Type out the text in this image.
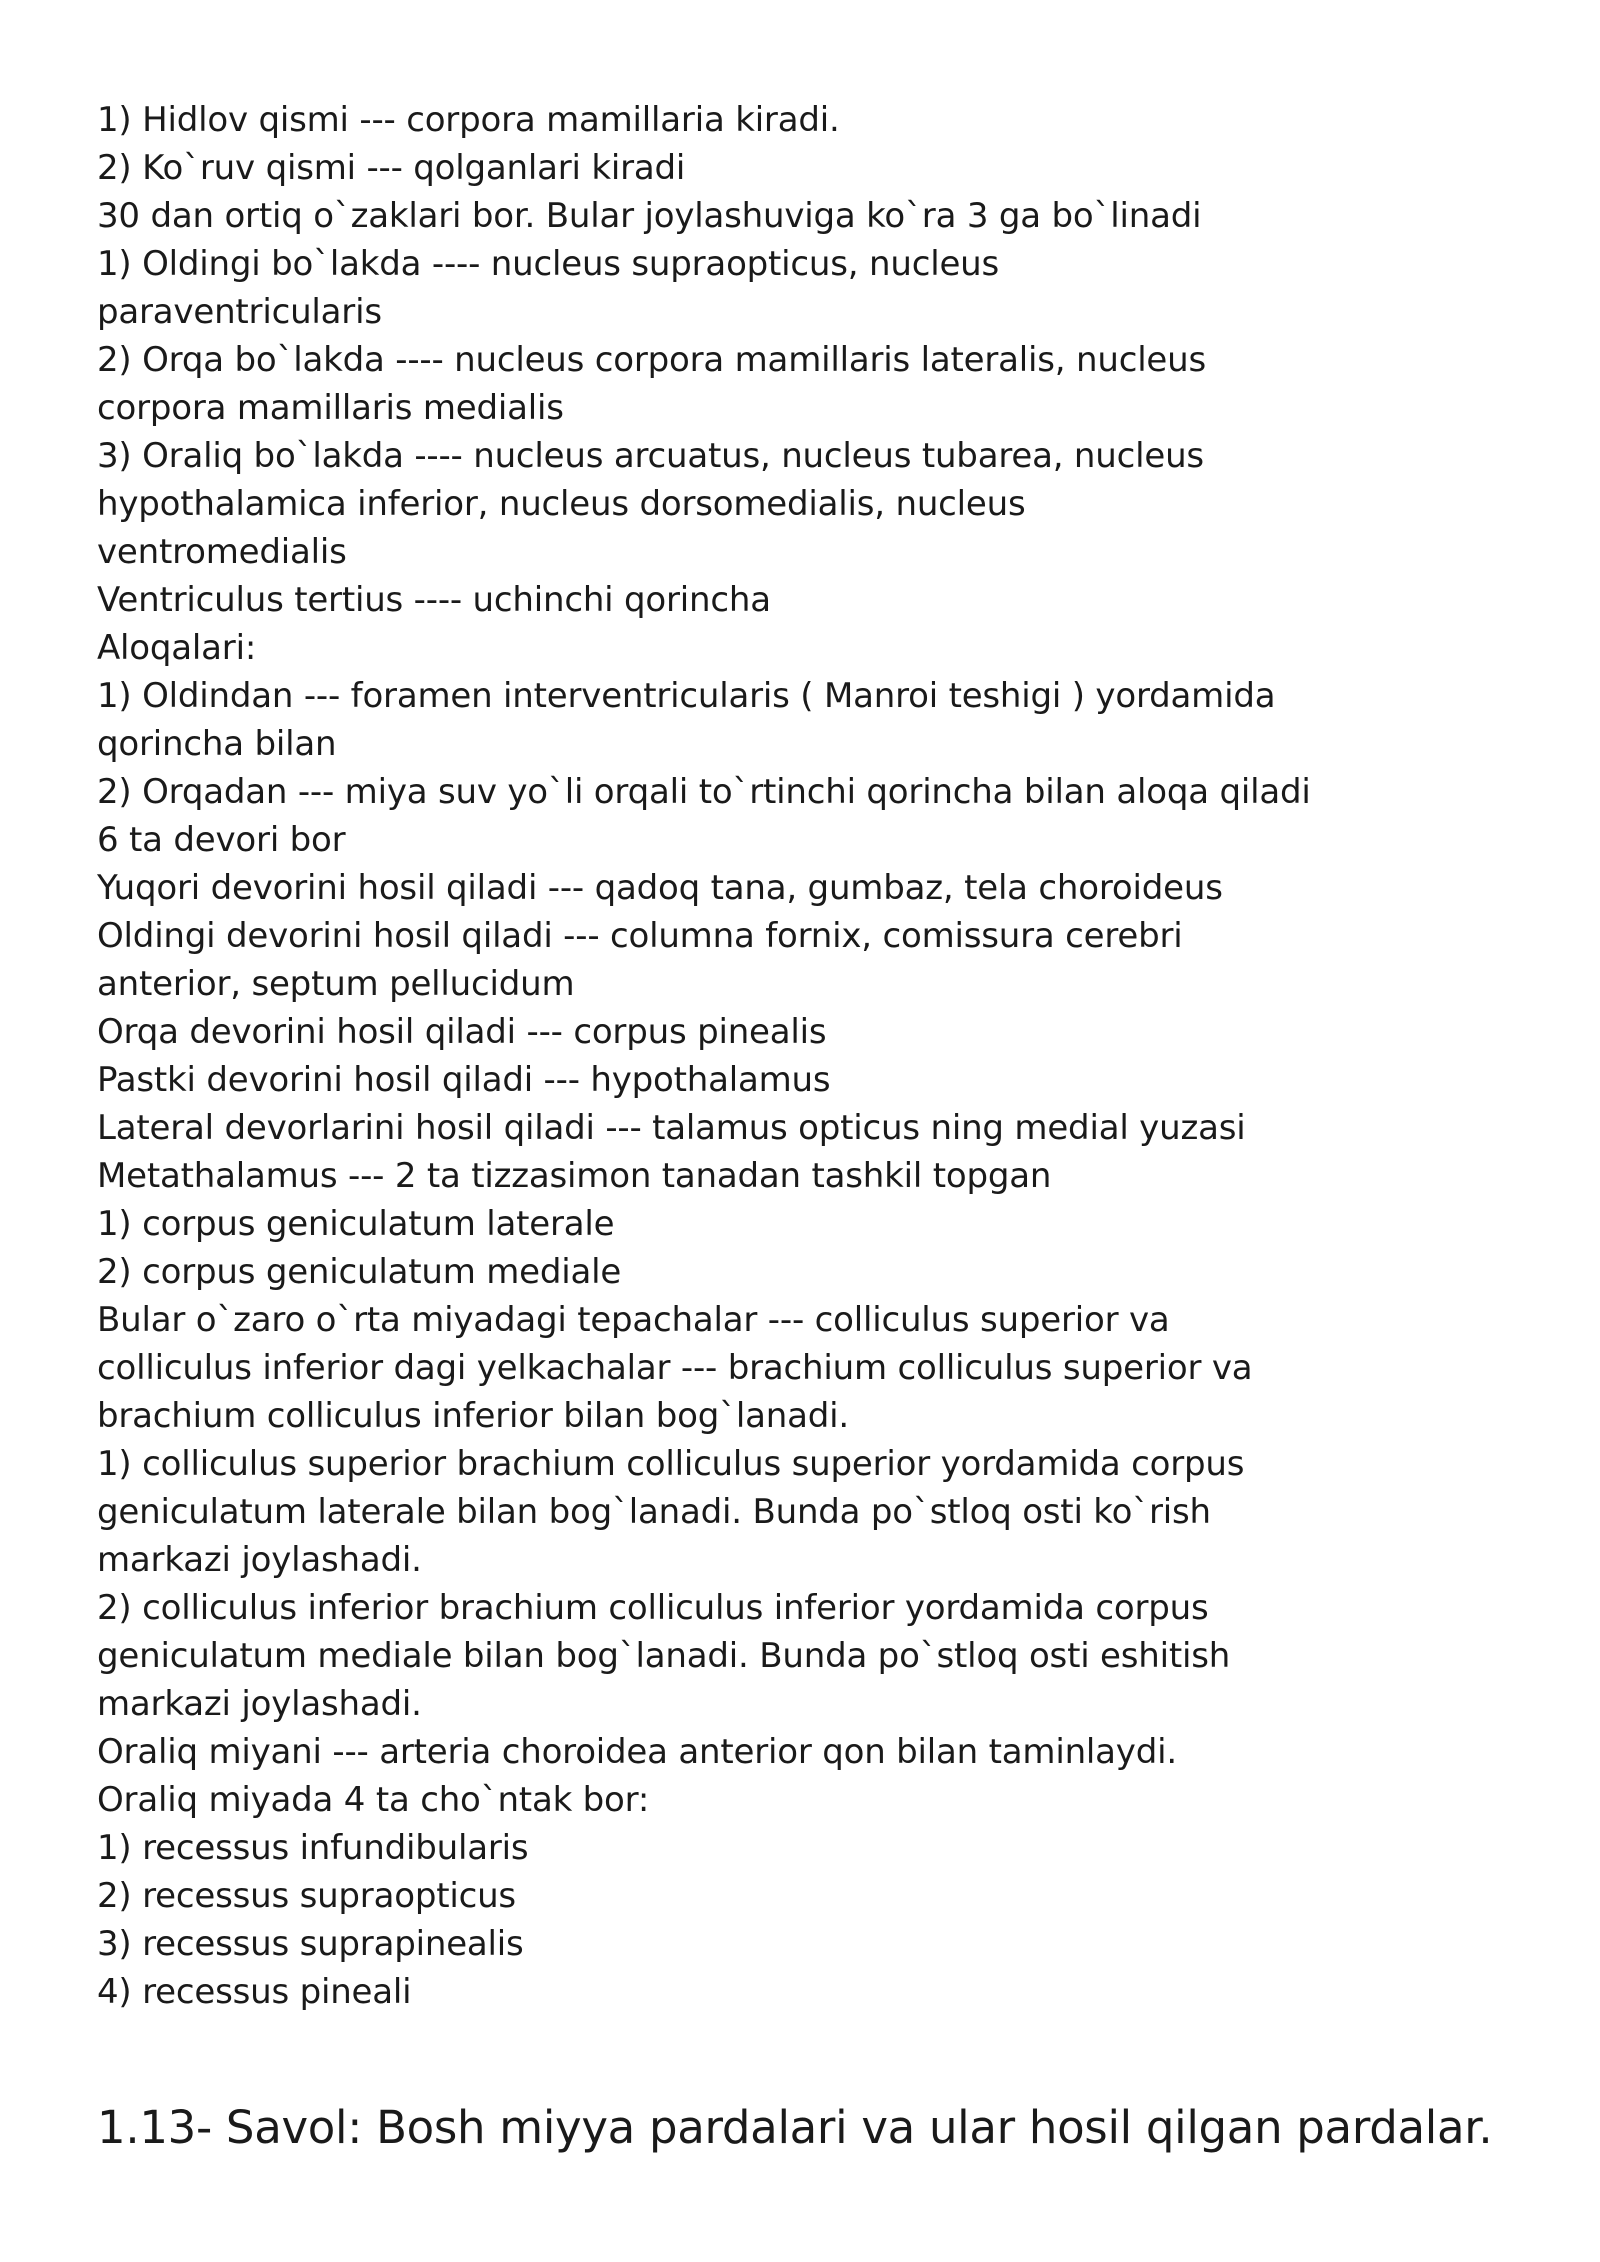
1) Hidlov qismi --- corpora mamillaria kiradi.
2) Ko`ruv qismi --- qolganlari kiradi
30 dan ortiq o`zaklari bor. Bular joylashuviga ko`ra 3 ga bo`linadi
1) Oldingi bo`lakda ---- nucleus supraopticus, nucleus
paraventricularis
2) Orqa bo`lakda ---- nucleus corpora mamillaris lateralis, nucleus
corpora mamillaris medialis
3) Oraliq bo`lakda ---- nucleus arcuatus, nucleus tubarea, nucleus
hypothalamica inferior, nucleus dorsomedialis, nucleus
ventromedialis
Ventriculus tertius ---- uchinchi qorincha
Aloqalari:
1) Oldindan --- foramen interventricularis ( Manroi teshigi ) yordamida
qorincha bilan
2) Orqadan --- miya suv yo`li orqali to`rtinchi qorincha bilan aloqa qiladi
6 ta devori bor
Yuqori devorini hosil qiladi --- qadoq tana, gumbaz, tela choroideus
Oldingi devorini hosil qiladi --- columna fornix, comissura cerebri
anterior, septum pellucidum
Orqa devorini hosil qiladi --- corpus pinealis
Pastki devorini hosil qiladi --- hypothalamus
Lateral devorlarini hosil qiladi --- talamus opticus ning medial yuzasi
Metathalamus --- 2 ta tizzasimon tanadan tashkil topgan
1) corpus geniculatum laterale
2) corpus geniculatum mediale
Bular o`zaro o`rta miyadagi tepachalar --- colliculus superior va
colliculus inferior dagi yelkachalar --- brachium colliculus superior va
brachium colliculus inferior bilan bog`lanadi.
1) colliculus superior brachium colliculus superior yordamida corpus
geniculatum laterale bilan bog`lanadi. Bunda po`stloq osti ko`rish
markazi joylashadi.
2) colliculus inferior brachium colliculus inferior yordamida corpus
geniculatum mediale bilan bog`lanadi. Bunda po`stloq osti eshitish
markazi joylashadi.
Oraliq miyani --- arteria choroidea anterior qon bilan taminlaydi.
Oraliq miyada 4 ta cho`ntak bor:
1) recessus infundibularis
2) recessus supraopticus
3) recessus suprapinealis
4) recessus pineali
1.13- Savol: Bosh miyya pardalari va ular hosil qilgan pardalar.
